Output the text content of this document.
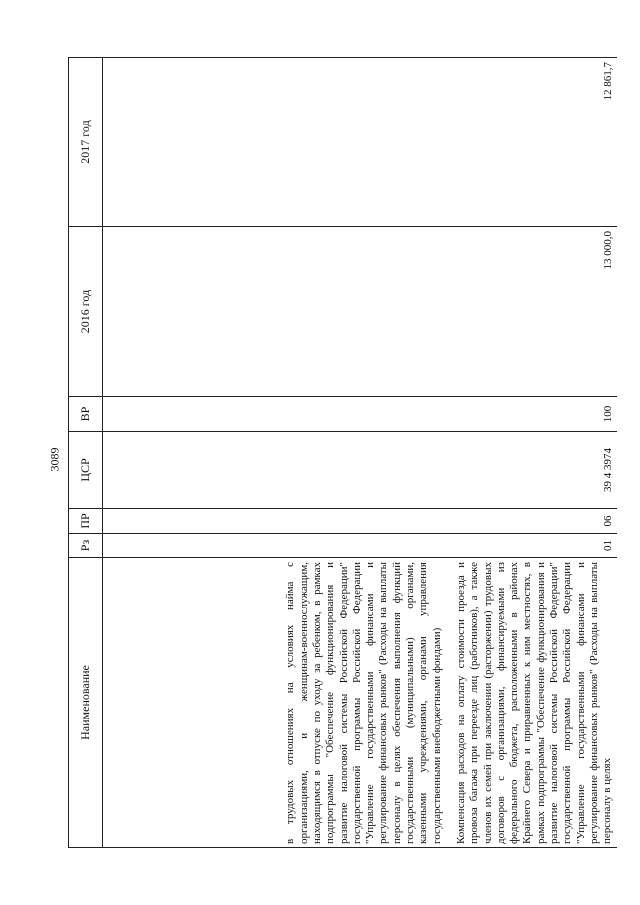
3089
Наименование	Рз	ПР	ЦСР	ВР	2016 год	2017 год

в трудовых отношениях на условиях найма с организациями, и женщинам-военнослужащим, находящимся в отпуске по уходу за ребенком, в рамках подпрограммы "Обеспечение функционирования и развитие налоговой системы Российской Федерации" государственной программы Российской Федерации "Управление государственными финансами и регулирование финансовых рынков" (Расходы на выплаты персоналу в целях обеспечения выполнения функций государственными (муниципальными) органами, казенными учреждениями, органами управления государственными внебюджетными фондами) Компенсация расходов на оплату стоимости проезда и провоза багажа при переезде лиц (работников), а также членов их семей при заключении (расторжении) трудовых договоров с организациями, финансируемыми из федерального бюджета, расположенными в районах Крайнего Севера и приравненных к ним местностях, в рамках подпрограммы "Обеспечение функционирования и развитие налоговой системы Российской Федерации" государственной программы Российской Федерации "Управление государственными финансами и регулирование финансовых рынков" (Расходы на выплаты персоналу в целях	01	06	39 4 3974	100	13 000,0	12 861,7
